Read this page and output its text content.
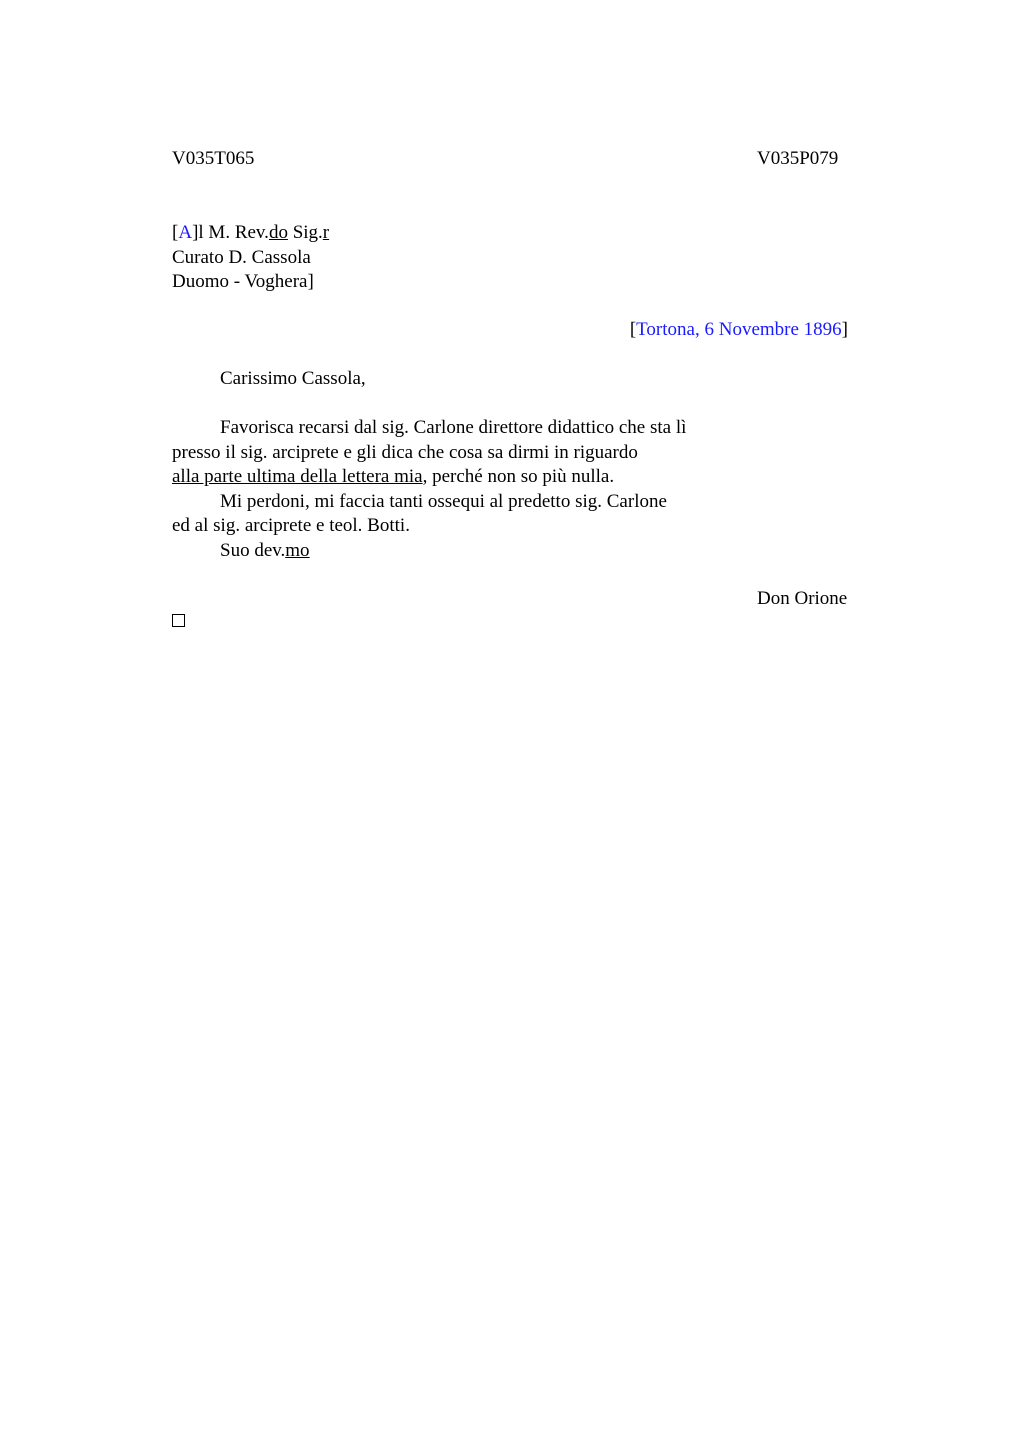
V035T065	V035P079
[A]l M. Rev.do Sig.r
Curato D. Cassola
Duomo - Voghera]
[Tortona, 6 Novembre 1896]
Carissimo Cassola,
Favorisca recarsi dal sig. Carlone direttore didattico che sta lì
presso il sig. arciprete e gli dica che cosa sa dirmi in riguardo
alla parte ultima della lettera mia, perché non so più nulla.
Mi perdoni, mi faccia tanti ossequi al predetto sig. Carlone
ed al sig. arciprete e teol. Botti.
Suo dev.mo
Don Orione
